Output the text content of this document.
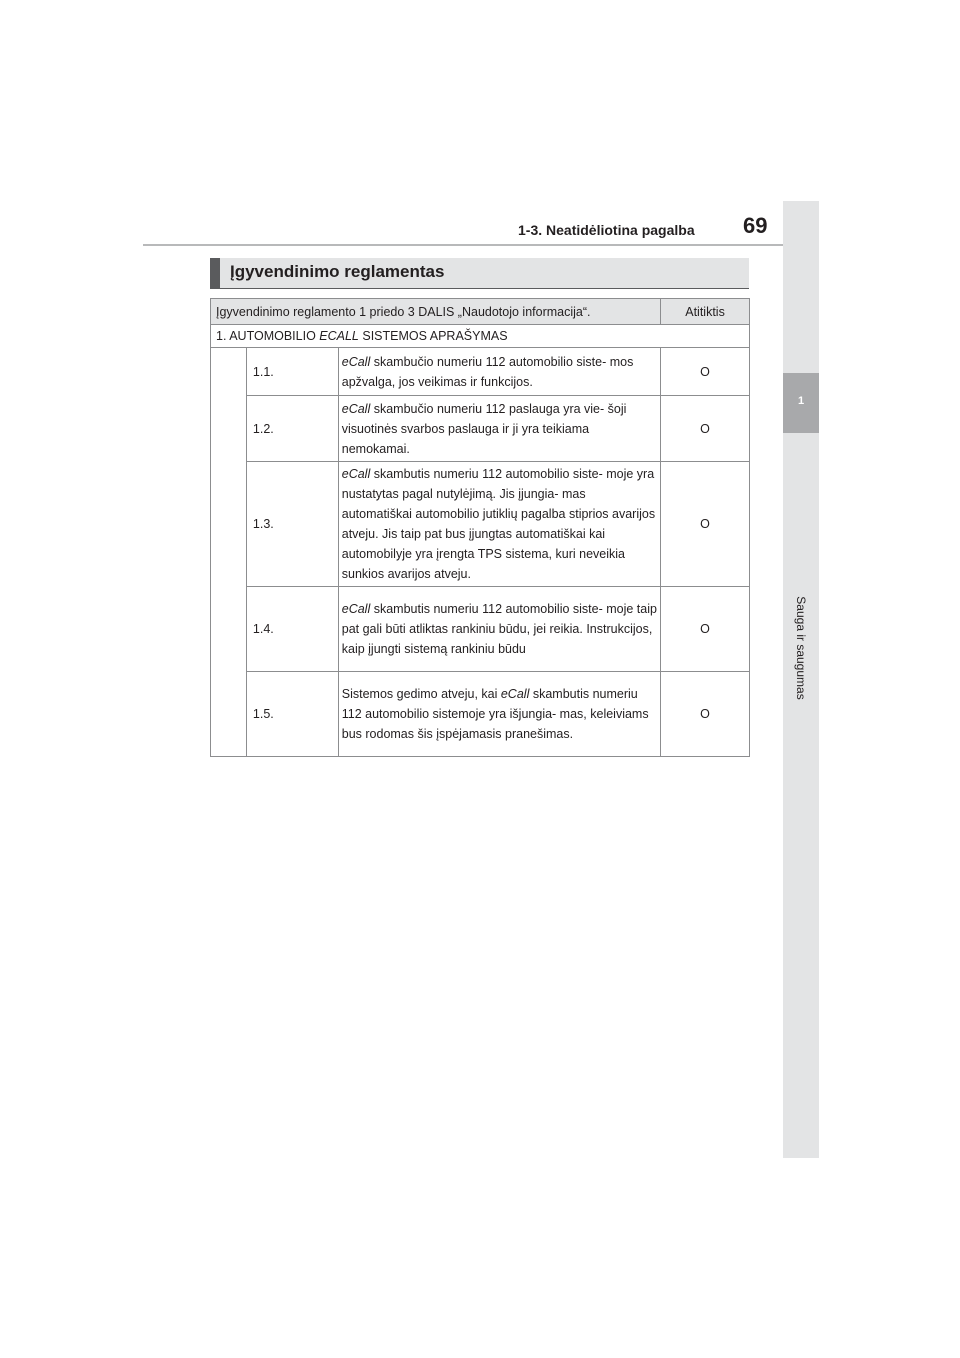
1-3. Neatidėliotina pagalba 69
1
Sauga ir saugumas
Įgyvendinimo reglamentas
Įgyvendinimo reglamento 1 priedo 3 DALIS „Naudotojo informacija“.			Atitiktis
1. AUTOMOBILIO ECALL SISTEMOS APRAŠYMAS			
	1.1.	eCall skambučio numeriu 112 automobilio siste- mos apžvalga, jos veikimas ir funkcijos.	O
	1.2.	eCall skambučio numeriu 112 paslauga yra vie- šoji visuotinės svarbos paslauga ir ji yra teikiama nemokamai.	O
	1.3.	eCall skambutis numeriu 112 automobilio siste- moje yra nustatytas pagal nutylėjimą. Jis įjungia- mas automatiškai automobilio jutiklių pagalba stiprios avarijos atveju. Jis taip pat bus įjungtas automatiškai kai automobilyje yra įrengta TPS sistema, kuri neveikia sunkios avarijos atveju.	O
	1.4.	eCall skambutis numeriu 112 automobilio siste- moje taip pat gali būti atliktas rankiniu būdu, jei reikia. Instrukcijos, kaip įjungti sistemą rankiniu būdu	O
	1.5.	Sistemos gedimo atveju, kai eCall skambutis numeriu 112 automobilio sistemoje yra išjungia- mas, keleiviams bus rodomas šis įspėjamasis pranešimas.	O
